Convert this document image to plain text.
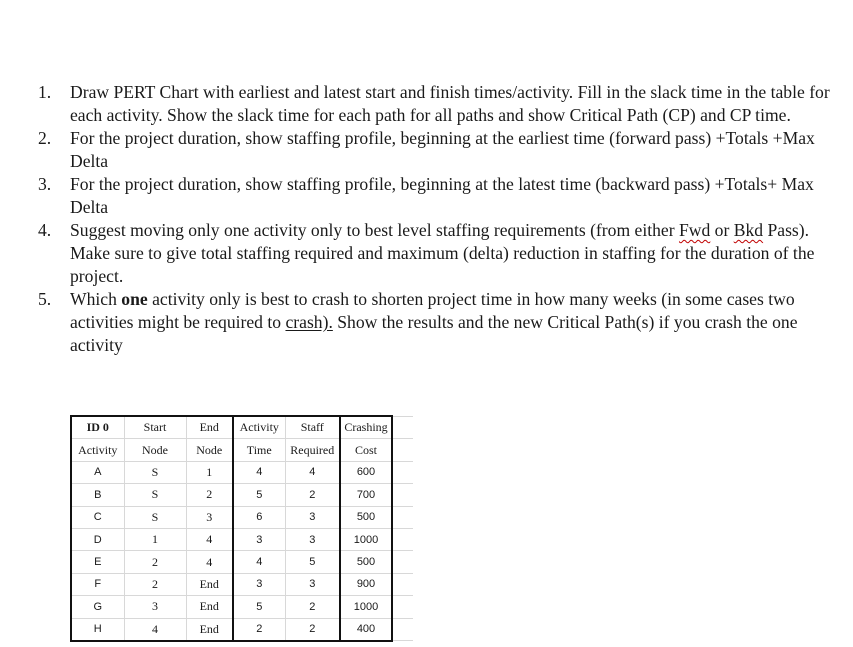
1.	Draw PERT Chart with earliest and latest start and finish times/activity. Fill in the slack time in the table for each activity. Show the slack time for each path for all paths and show Critical Path (CP) and CP time.
2.	For the project duration, show staffing profile, beginning at the earliest time (forward pass) +Totals +Max Delta
3.	For the project duration, show staffing profile, beginning at the latest time (backward pass) +Totals+ Max Delta
4.	Suggest moving only one activity only to best level staffing requirements (from either Fwd or Bkd Pass). Make sure to give total staffing required and maximum (delta) reduction in staffing for the duration of the project.
5.	Which one activity only is best to crash to shorten project time in how many weeks (in some cases two activities might be required to crash). Show the results and the new Critical Path(s) if you crash the one activity
ID 0	Start	End	Activity	Staff	Crashing	
Activity	Node	Node	Time	Required	Cost	
A	S	1	4	4	600	
B	S	2	5	2	700	
C	S	3	6	3	500	
D	1	4	3	3	1000	
E	2	4	4	5	500	
F	2	End	3	3	900	
G	3	End	5	2	1000	
H	4	End	2	2	400	
